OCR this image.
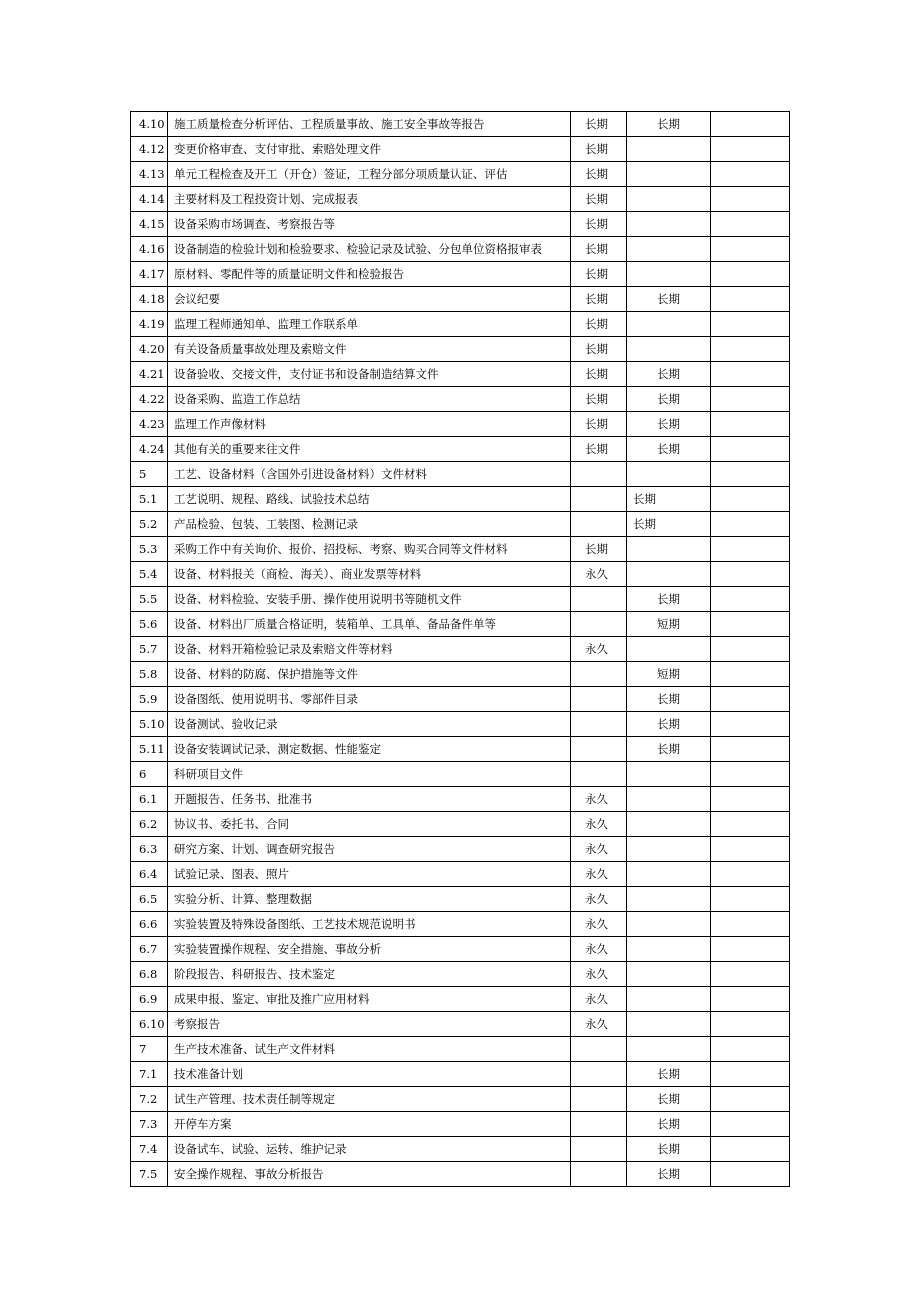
4.10	施工质量检查分析评估、工程质量事故、施工安全事故等报告	长期	长期	
4.12	变更价格审查、支付审批、索赔处理文件	长期		
4.13	单元工程检查及开工（开仓）签证，工程分部分项质量认证、评估	长期		
4.14	主要材料及工程投资计划、完成报表	长期		
4.15	设备采购市场调查、考察报告等	长期		
4.16	设备制造的检验计划和检验要求、检验记录及试验、分包单位资格报审表	长期		
4.17	原材料、零配件等的质量证明文件和检验报告	长期		
4.18	会议纪要	长期	长期	
4.19	监理工程师通知单、监理工作联系单	长期		
4.20	有关设备质量事故处理及索赔文件	长期		
4.21	设备验收、交接文件，支付证书和设备制造结算文件	长期	长期	
4.22	设备采购、监造工作总结	长期	长期	
4.23	监理工作声像材料	长期	长期	
4.24	其他有关的重要来往文件	长期	长期	
5	工艺、设备材料（含国外引进设备材料）文件材料			
5.1	工艺说明、规程、路线、试验技术总结		长期	
5.2	产品检验、包装、工装图、检测记录		长期	
5.3	采购工作中有关询价、报价、招投标、考察、购买合同等文件材料	长期		
5.4	设备、材料报关（商检、海关）、商业发票等材料	永久		
5.5	设备、材料检验、安装手册、操作使用说明书等随机文件		长期	
5.6	设备、材料出厂质量合格证明，装箱单、工具单、备品备件单等		短期	
5.7	设备、材料开箱检验记录及索赔文件等材料	永久		
5.8	设备、材料的防腐、保护措施等文件		短期	
5.9	设备图纸、使用说明书、零部件目录		长期	
5.10	设备测试、验收记录		长期	
5.11	设备安装调试记录、测定数据、性能鉴定		长期	
6	科研项目文件			
6.1	开题报告、任务书、批准书	永久		
6.2	协议书、委托书、合同	永久		
6.3	研究方案、计划、调查研究报告	永久		
6.4	试验记录、图表、照片	永久		
6.5	实验分析、计算、整理数据	永久		
6.6	实验装置及特殊设备图纸、工艺技术规范说明书	永久		
6.7	实验装置操作规程、安全措施、事故分析	永久		
6.8	阶段报告、科研报告、技术鉴定	永久		
6.9	成果申报、鉴定、审批及推广应用材料	永久		
6.10	考察报告	永久		
7	生产技术准备、试生产文件材料			
7.1	技术准备计划		长期	
7.2	试生产管理、技术责任制等规定		长期	
7.3	开停车方案		长期	
7.4	设备试车、试验、运转、维护记录		长期	
7.5	安全操作规程、事故分析报告		长期	
